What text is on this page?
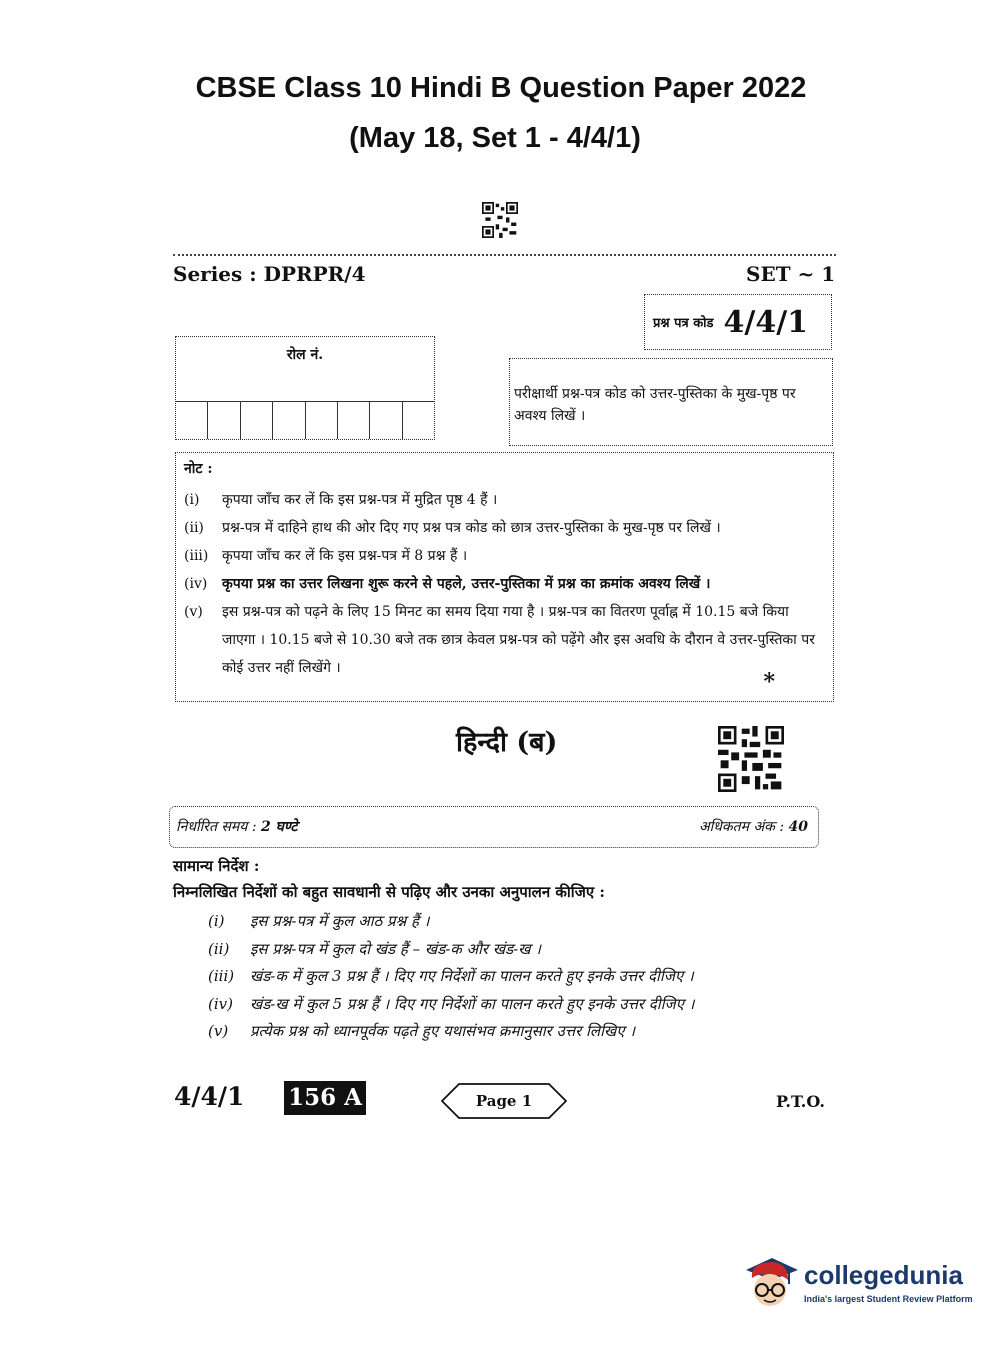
CBSE Class 10 Hindi B Question Paper 2022
(May 18, Set 1 - 4/4/1)
Series : DPRPR/4	SET ~ 1
प्रश्न पत्र कोड 4/4/1
रोल नं.
परीक्षार्थी प्रश्न-पत्र कोड को उत्तर-पुस्तिका के मुख-पृष्ठ पर अवश्य लिखें ।
नोट :
(i)	कृपया जाँच कर लें कि इस प्रश्न-पत्र में मुद्रित पृष्ठ 4 हैं ।
(ii)	प्रश्न-पत्र में दाहिने हाथ की ओर दिए गए प्रश्न पत्र कोड को छात्र उत्तर-पुस्तिका के मुख-पृष्ठ पर लिखें ।
(iii) कृपया जाँच कर लें कि इस प्रश्न-पत्र में 8 प्रश्न हैं ।
(iv)	कृपया प्रश्न का उत्तर लिखना शुरू करने से पहले, उत्तर-पुस्तिका में प्रश्न का क्रमांक अवश्य लिखें ।
(v)	इस प्रश्न-पत्र को पढ़ने के लिए 15 मिनट का समय दिया गया है । प्रश्न-पत्र का वितरण पूर्वाह्न में 10.15 बजे किया जाएगा । 10.15 बजे से 10.30 बजे तक छात्र केवल प्रश्न-पत्र को पढ़ेंगे और इस अवधि के दौरान वे उत्तर-पुस्तिका पर कोई उत्तर नहीं लिखेंगे ।
*
हिन्दी (ब)
निर्धारित समय : 2 घण्टे	अधिकतम अंक : 40
सामान्य निर्देश :
निम्नलिखित निर्देशों को बहुत सावधानी से पढ़िए और उनका अनुपालन कीजिए :
(i)	इस प्रश्न-पत्र में कुल आठ प्रश्न हैं ।
(ii)	इस प्रश्न-पत्र में कुल दो खंड हैं – खंड-क और खंड-ख ।
(iii)	खंड-क में कुल 3 प्रश्न हैं । दिए गए निर्देशों का पालन करते हुए इनके उत्तर दीजिए ।
(iv)	खंड-ख में कुल 5 प्रश्न हैं । दिए गए निर्देशों का पालन करते हुए इनके उत्तर दीजिए ।
(v)	प्रत्येक प्रश्न को ध्यानपूर्वक पढ़ते हुए यथासंभव क्रमानुसार उत्तर लिखिए ।
4/4/1 156 A	Page 1	P.T.O.
collegedunia
India's largest Student Review Platform
